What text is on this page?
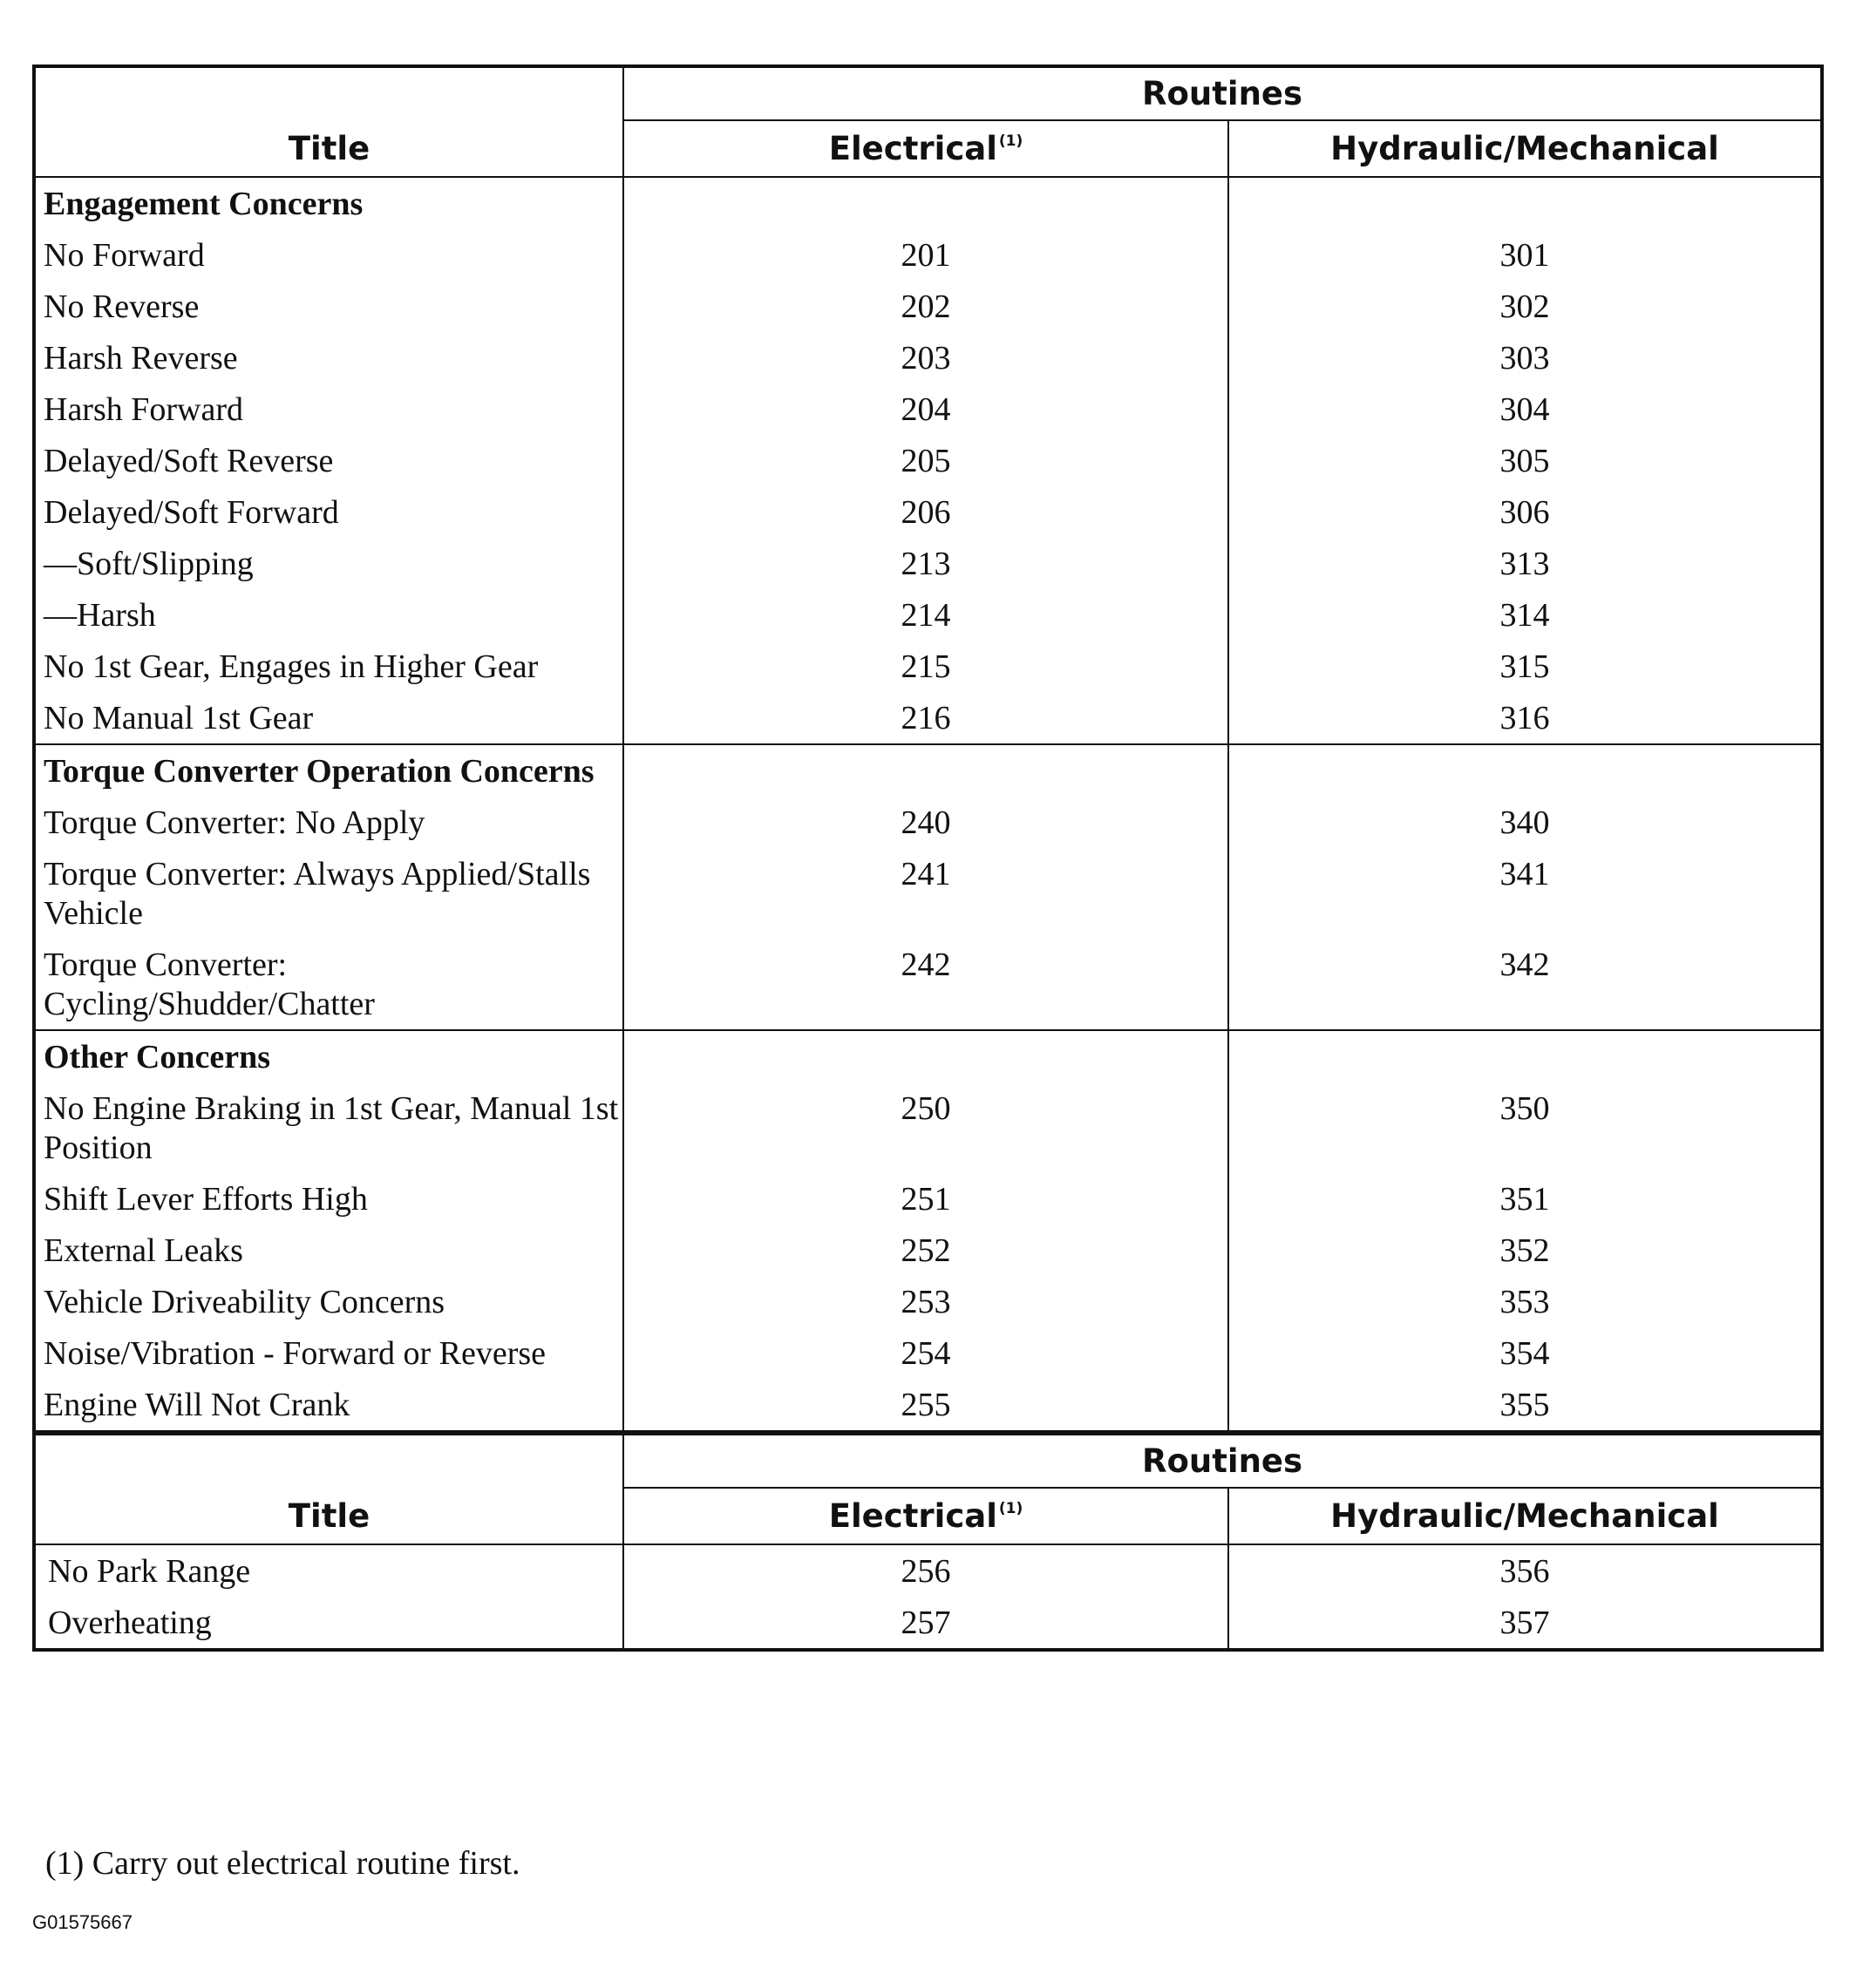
Title	Routines	
	Electrical $^{(1)}$	Hydraulic/Mechanical
Engagement Concerns		
No Forward	201	301
No Reverse	202	302
Harsh Reverse	203	303
Harsh Forward	204	304
Delayed/Soft Reverse	205	305
Delayed/Soft Forward	206	306
—Soft/Slipping	213	313
—Harsh	214	314
No 1st Gear, Engages in Higher Gear	215	315
No Manual 1st Gear	216	316
Torque Converter Operation Concerns		
Torque Converter: No Apply	240	340
Torque Converter: Always Applied/Stalls Vehicle	241	341
Torque Converter: Cycling/Shudder/Chatter	242	342
Other Concerns		
No Engine Braking in 1st Gear, Manual 1st Position	250	350
Shift Lever Efforts High	251	351
External Leaks	252	352
Vehicle Driveability Concerns	253	353
Noise/Vibration - Forward or Reverse	254	354
Engine Will Not Crank	255	355
Title	Routines	
	Electrical $^{(1)}$	Hydraulic/Mechanical
No Park Range	256	356
Overheating	257	357
(1) Carry out electrical routine first.
G01575667
